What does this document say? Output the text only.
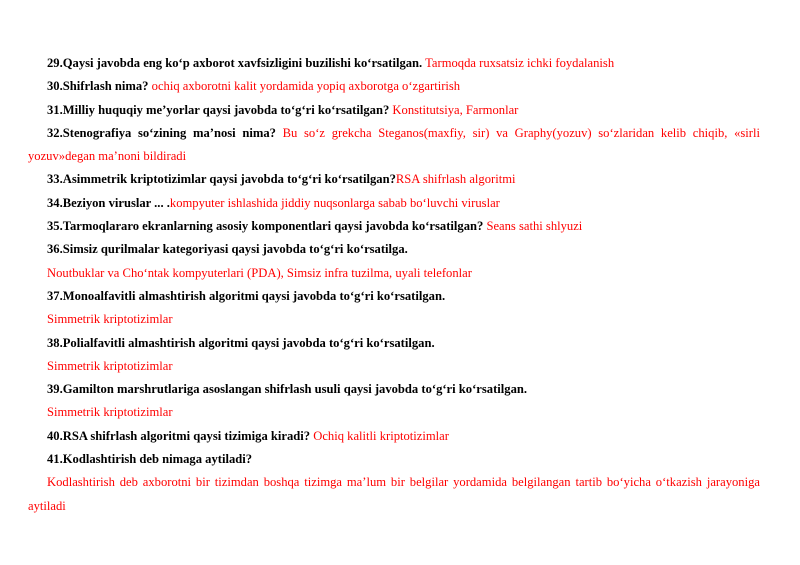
29.Qaysi javobda eng ko‘p axborot xavfsizligini buzilishi ko‘rsatilgan. Tarmoqda ruxsatsiz ichki foydalanish
30.Shifrlash nima? ochiq axborotni kalit yordamida yopiq axborotga o‘zgartirish
31.Milliy huquqiy me’yorlar qaysi javobda to‘g‘ri ko‘rsatilgan? Konstitutsiya, Farmonlar
32.Stenografiya so‘zining ma’nosi nima? Bu so‘z grekcha Steganos(maxfiy, sir) va Graphy(yozuv) so‘zlaridan kelib chiqib, «sirli yozuv»degan ma’noni bildiradi
33.Asimmetrik kriptotizimlar qaysi javobda to‘g‘ri ko‘rsatilgan?RSA shifrlash algoritmi
34.Beziyon viruslar ... .kompyuter ishlashida jiddiy nuqsonlarga sabab bo‘luvchi viruslar
35.Tarmoqlararo ekranlarning asosiy komponentlari qaysi javobda ko‘rsatilgan? Seans sathi shlyuzi
36.Simsiz qurilmalar kategoriyasi qaysi javobda to‘g‘ri ko‘rsatilga.
Noutbuklar va Cho‘ntak kompyuterlari (PDA), Simsiz infra tuzilma, uyali telefonlar
37.Monoalfavitli almashtirish algoritmi qaysi javobda to‘g‘ri ko‘rsatilgan.
Simmetrik kriptotizimlar
38.Polialfavitli almashtirish algoritmi qaysi javobda to‘g‘ri ko‘rsatilgan.
Simmetrik kriptotizimlar
39.Gamilton marshrutlariga asoslangan shifrlash usuli qaysi javobda to‘g‘ri ko‘rsatilgan.
Simmetrik kriptotizimlar
40.RSA shifrlash algoritmi qaysi tizimiga kiradi? Ochiq kalitli kriptotizimlar
41.Kodlashtirish deb nimaga aytiladi?
Kodlashtirish deb axborotni bir tizimdan boshqa tizimga ma’lum bir belgilar yordamida belgilangan tartib bo‘yicha o‘tkazish jarayoniga aytiladi
